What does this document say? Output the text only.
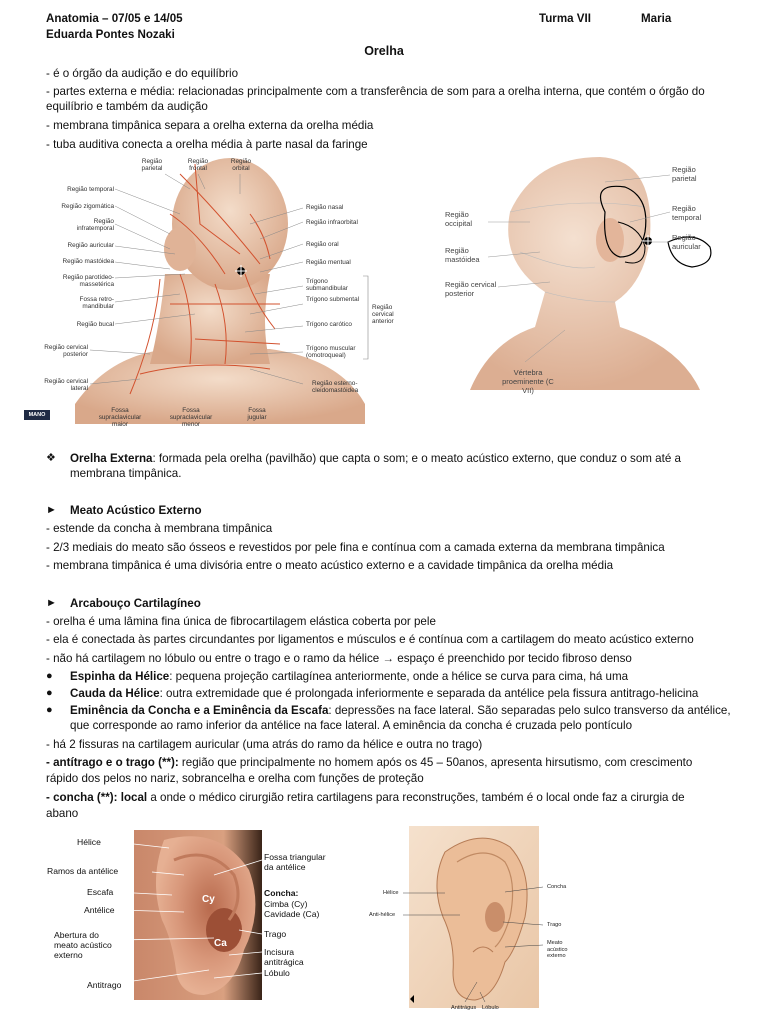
Anatomia – 07/05 e 14/05
Eduarda Pontes Nozaki
Turma VII	Maria
Orelha
- é o órgão da audição e do equilíbrio
- partes externa e média: relacionadas principalmente com a transferência de som para a orelha interna, que contém o órgão do
equilíbrio e também da audição
- membrana timpânica separa a orelha externa da orelha média
- tuba auditiva conecta a orelha média à parte nasal da faringe
Região parietal
Região frontal
Região orbital
Região temporal
Região zigomática
Região infratemporal
Região auricular
Região mastóidea
Região parotídeo-massetérica
Fossa retro-mandibular
Região bucal
Região cervical posterior
Região cervical lateral
Região nasal
Região infraorbital
Região oral
Região mentual
Trígono submandibular
Trígono submental
Trígono carótico
Trígono muscular (omotroqueal)
Região esterno-cleidomastóidea
Região cervical anterior
Fossa supraclavicular maior
Fossa supraclavicular menor
Fossa jugular
MANO
Região parietal
Região temporal
Região auricular
Região occipital
Região mastóidea
Região cervical posterior
Vértebra proeminente (C VII)
❖ Orelha Externa: formada pela orelha (pavilhão) que capta o som; e o meato acústico externo, que conduz o som até a
membrana timpânica.
► Meato Acústico Externo
- estende da concha à membrana timpânica
- 2/3 mediais do meato são ósseos e revestidos por pele fina e contínua com a camada externa da membrana timpânica
- membrana timpânica é uma divisória entre o meato acústico externo e a cavidade timpânica da orelha média
► Arcabouço Cartilagíneo
- orelha é uma lâmina fina única de fibrocartilagem elástica coberta por pele
- ela é conectada às partes circundantes por ligamentos e músculos e é contínua com a cartilagem do meato acústico externo
- não há cartilagem no lóbulo ou entre o trago e o ramo da hélice → espaço é preenchido por tecido fibroso denso
● Espinha da Hélice: pequena projeção cartilagínea anteriormente, onde a hélice se curva para cima, há uma
● Cauda da Hélice: outra extremidade que é prolongada inferiormente e separada da antélice pela fissura antitrago-helicina
● Eminência da Concha e a Eminência da Escafa: depressões na face lateral. São separadas pelo sulco transverso da antélice,
que corresponde ao ramo inferior da antélice na face lateral. A eminência da concha é cruzada pelo pontículo
- há 2 fissuras na cartilagem auricular (uma atrás do ramo da hélice e outra no trago)
- antítrago e o trago (**): região que principalmente no homem após os 45 – 50anos, apresenta hirsutismo, com crescimento
rápido dos pelos no nariz, sobrancelha e orelha com funções de proteção
- concha (**): local a onde o médico cirurgião retira cartilagens para reconstruções, também é o local onde faz a cirurgia de
abano
Cy
Ca
Hélice
Ramos da antélice
Escafa
Antélice
Abertura do meato acústico externo
Antitrago
Fossa triangular da antélice
Concha:
Cimba (Cy)
Cavidade (Ca)
Trago
Incisura antitrágica
Lóbulo
Concha
Hélice
Anti-hélice
Trago
Meato acústico externo
Antitrágus Lóbulo
